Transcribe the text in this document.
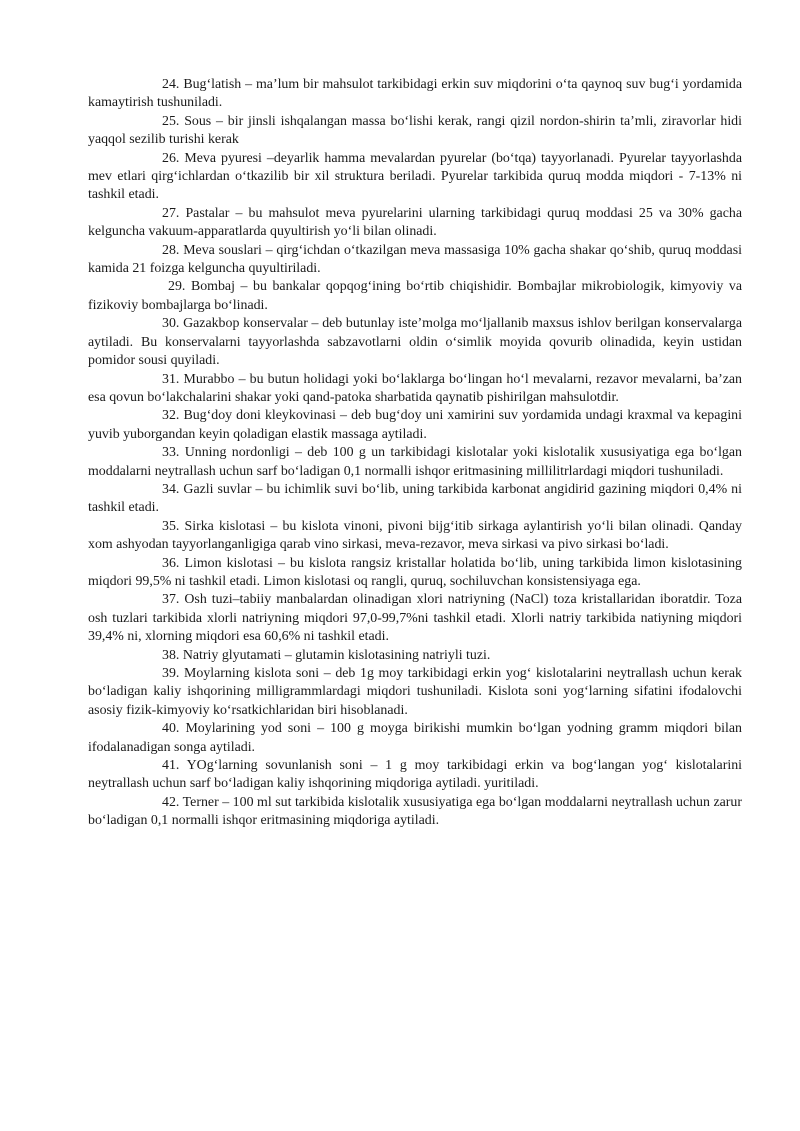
24. Bug‘latish – ma’lum bir mahsulot tarkibidagi erkin suv miqdorini o‘ta qaynoq suv bug‘i yordamida kamaytirish tushuniladi.

25. Sous – bir jinsli ishqalangan massa bo‘lishi kerak, rangi qizil nordon-shirin ta’mli, ziravorlar hidi yaqqol sezilib turishi kerak

26. Meva pyuresi –deyarlik hamma mevalardan pyurelar (bo‘tqa) tayyorlanadi. Pyurelar tayyorlashda mev etlari qirg‘ichlardan o‘tkazilib bir xil struktura beriladi. Pyurelar tarkibida quruq modda miqdori - 7-13% ni tashkil etadi.

27. Pastalar – bu mahsulot meva pyurelarini ularning tarkibidagi quruq moddasi 25 va 30% gacha kelguncha vakuum-apparatlarda quyultirish yo‘li bilan olinadi.

28. Meva souslari – qirg‘ichdan o‘tkazilgan meva massasiga 10% gacha shakar qo‘shib, quruq moddasi kamida 21 foizga kelguncha quyultiriladi.

29. Bombaj – bu bankalar qopqog‘ining bo‘rtib chiqishidir. Bombajlar mikrobiologik, kimyoviy va fizikoviy bombajlarga bo‘linadi.

30. Gazakbop konservalar – deb butunlay iste’molga mo‘ljallanib maxsus ishlov berilgan konservalarga aytiladi. Bu konservalarni tayyorlashda sabzavotlarni oldin o‘simlik moyida qovurib olinadida, keyin ustidan pomidor sousi quyiladi.

31. Murabbo – bu butun holidagi yoki bo‘laklarga bo‘lingan ho‘l mevalarni, rezavor mevalarni, ba’zan esa qovun bo‘lakchalarini shakar yoki qand-patoka sharbatida qaynatib pishirilgan mahsulotdir.

32. Bug‘doy doni kleykovinasi – deb bug‘doy uni xamirini suv yordamida undagi kraxmal va kepagini yuvib yuborgandan keyin qoladigan elastik massaga aytiladi.

33. Unning nordonligi – deb 100 g un tarkibidagi kislotalar yoki kislotalik xususiyatiga ega bo‘lgan moddalarni neytrallash uchun sarf bo‘ladigan 0,1 normalli ishqor eritmasining millilitrlardagi miqdori tushuniladi.

34. Gazli suvlar – bu ichimlik suvi bo‘lib, uning tarkibida karbonat angidirid gazining miqdori 0,4% ni tashkil etadi.

35. Sirka kislotasi – bu kislota vinoni, pivoni bijg‘itib sirkaga aylantirish yo‘li bilan olinadi. Qanday xom ashyodan tayyorlanganligiga qarab vino sirkasi, meva-rezavor, meva sirkasi va pivo sirkasi bo‘ladi.

36. Limon kislotasi – bu kislota rangsiz kristallar holatida bo‘lib, uning tarkibida limon kislotasining miqdori 99,5% ni tashkil etadi. Limon kislotasi oq rangli, quruq, sochiluvchan konsistensiyaga ega.

37. Osh tuzi–tabiiy manbalardan olinadigan xlori natriyning (NaCl) toza kristallaridan iboratdir. Toza osh tuzlari tarkibida xlorli natriyning miqdori 97,0-99,7%ni tashkil etadi. Xlorli natriy tarkibida natiyning miqdori 39,4% ni, xlorning miqdori esa 60,6% ni tashkil etadi.

38. Natriy glyutamati – glutamin kislotasining natriyli tuzi.

39. Moylarning kislota soni – deb 1g moy tarkibidagi erkin yog‘ kislotalarini neytrallash uchun kerak bo‘ladigan kaliy ishqorining milligrammlardagi miqdori tushuniladi. Kislota soni yog‘larning sifatini ifodalovchi asosiy fizik-kimyoviy ko‘rsatkichlaridan biri hisoblanadi.

40. Moylarining yod soni – 100 g moyga birikishi mumkin bo‘lgan yodning gramm miqdori bilan ifodalanadigan songa aytiladi.

41. YOg‘larning sovunlanish soni – 1 g moy tarkibidagi erkin va bog‘langan yog‘ kislotalarini neytrallash uchun sarf bo‘ladigan kaliy ishqorining miqdoriga aytiladi. yuritiladi.

42. Terner – 100 ml sut tarkibida kislotalik xususiyatiga ega bo‘lgan moddalarni neytrallash uchun zarur bo‘ladigan 0,1 normalli ishqor eritmasining miqdoriga aytiladi.
